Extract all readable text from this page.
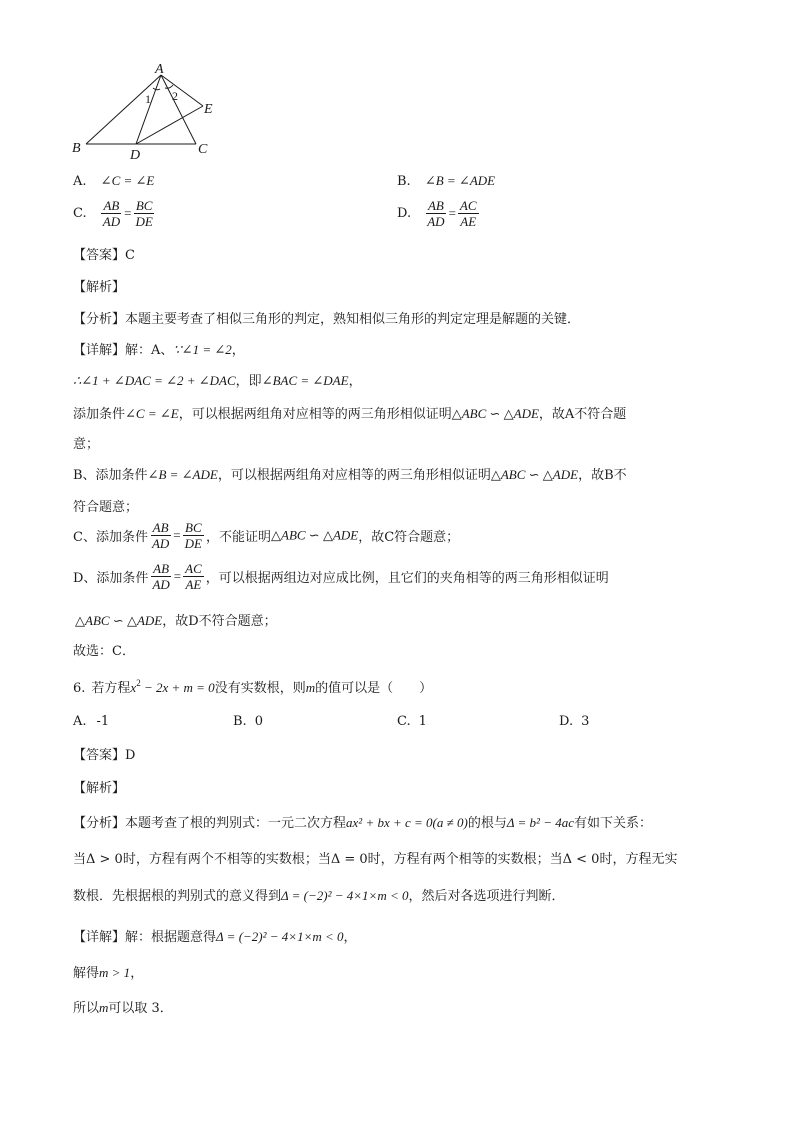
A
B	C
D
E
1 2
A. ∠C = ∠E	B. ∠B = ∠ADE
C. $\frac{AB}{AD} = \frac{BC}{DE}$	D. $\frac{AB}{AD} = \frac{AC}{AE}$
【答案】C
【解析】
【分析】本题主要考查了相似三角形的判定，熟知相似三角形的判定定理是解题的关键．
【详解】解：A、∵∠1 = ∠2，
∴∠1 + ∠DAC = ∠2 + ∠DAC，即∠BAC = ∠DAE，
添加条件∠C = ∠E，可以根据两组角对应相等的两三角形相似证明△ABC ∽ △ADE，故A不符合题
意；
B、添加条件∠B = ∠ADE，可以根据两组角对应相等的两三角形相似证明△ABC ∽ △ADE，故B不
符合题意；
C、添加条件 $\frac{AB}{AD} = \frac{BC}{DE}$ ，不能证明△ABC ∽ △ADE，故C符合题意；
D、添加条件 $\frac{AB}{AD} = \frac{AC}{AE}$ ，可以根据两组边对应成比例，且它们的夹角相等的两三角形相似证明
△ABC ∽ △ADE，故D不符合题意；
故选：C．
6. 若方程$x^2 - 2x + m = 0$没有实数根，则m的值可以是（　　）
A. -1	B. 0	C. 1	D. 3
【答案】D
【解析】
【分析】本题考查了根的判别式：一元二次方程ax² + bx + c = 0(a ≠ 0)的根与Δ = b² − 4ac有如下关系：
当Δ > 0时，方程有两个不相等的实数根；当Δ = 0时，方程有两个相等的实数根；当Δ < 0时，方程无实
数根．先根据根的判别式的意义得到Δ = (−2)² − 4×1×m < 0，然后对各选项进行判断．
【详解】解：根据题意得Δ = (−2)² − 4×1×m < 0，
解得m > 1，
所以m可以取 3．
